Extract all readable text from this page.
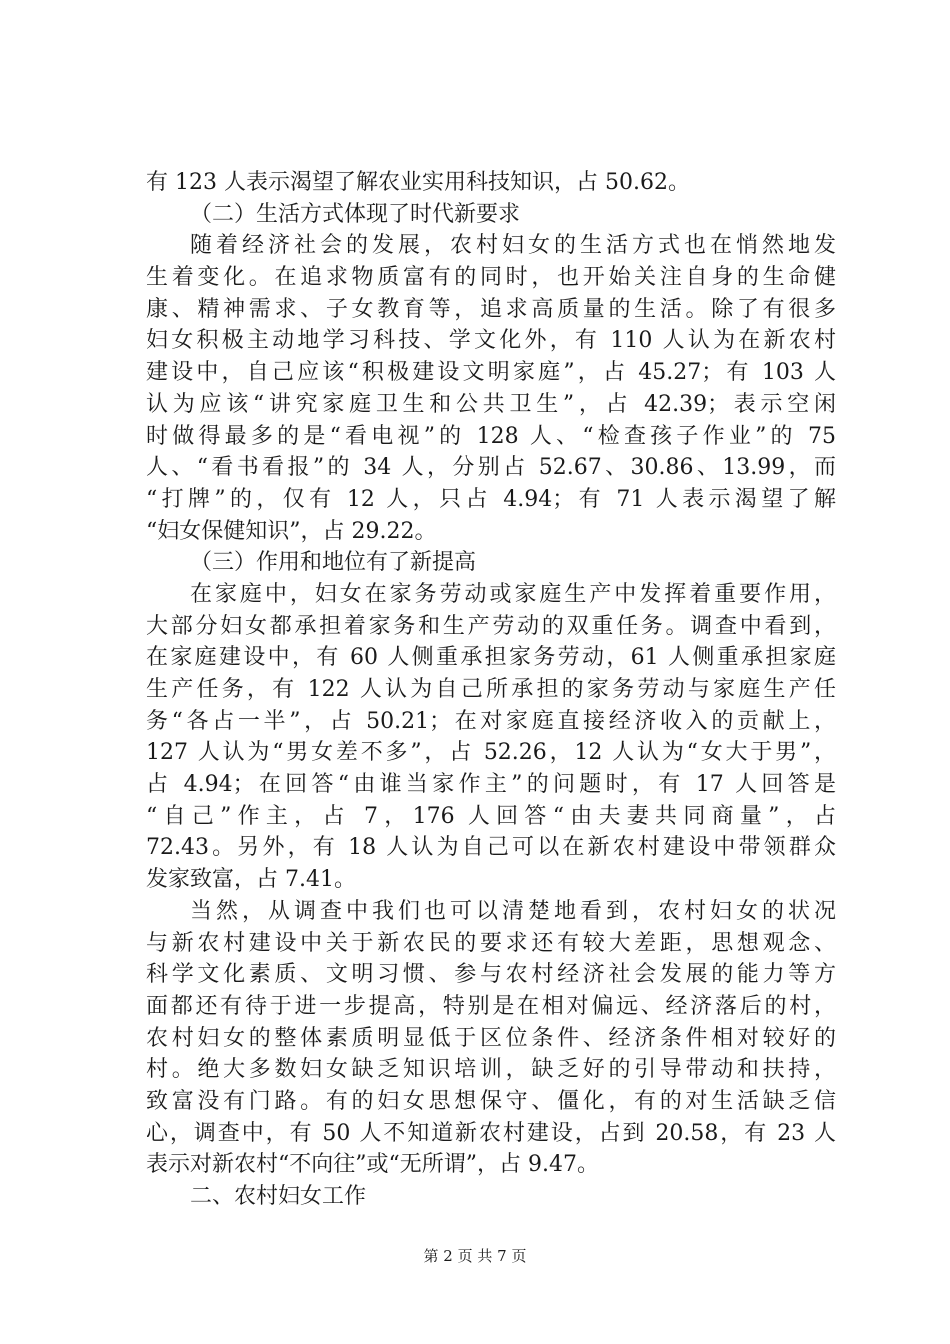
有 123 人表示渴望了解农业实用科技知识，占 50.62。
（二）生活方式体现了时代新要求
随着经济社会的发展，农村妇女的生活方式也在悄然地发
生着变化。在追求物质富有的同时，也开始关注自身的生命健
康、精神需求、子女教育等，追求高质量的生活。除了有很多
妇女积极主动地学习科技、学文化外，有 110 人认为在新农村
建设中，自己应该“积极建设文明家庭”，占 45.27；有 103 人
认为应该“讲究家庭卫生和公共卫生”，占 42.39；表示空闲
时做得最多的是“看电视”的 128 人、“检查孩子作业”的 75
人、“看书看报”的 34 人，分别占 52.67、30.86、13.99，而
“打牌”的，仅有 12 人，只占 4.94；有 71 人表示渴望了解
“妇女保健知识”，占 29.22。
（三）作用和地位有了新提高
在家庭中，妇女在家务劳动或家庭生产中发挥着重要作用，
大部分妇女都承担着家务和生产劳动的双重任务。调查中看到，
在家庭建设中，有 60 人侧重承担家务劳动，61 人侧重承担家庭
生产任务，有 122 人认为自己所承担的家务劳动与家庭生产任
务“各占一半”，占 50.21；在对家庭直接经济收入的贡献上，
127 人认为“男女差不多”，占 52.26，12 人认为“女大于男”，
占 4.94；在回答“由谁当家作主”的问题时，有 17 人回答是
“自己”作主，占 7，176 人回答“由夫妻共同商量”，占
72.43。另外，有 18 人认为自己可以在新农村建设中带领群众
发家致富，占 7.41。
当然，从调查中我们也可以清楚地看到，农村妇女的状况
与新农村建设中关于新农民的要求还有较大差距，思想观念、
科学文化素质、文明习惯、参与农村经济社会发展的能力等方
面都还有待于进一步提高，特别是在相对偏远、经济落后的村，
农村妇女的整体素质明显低于区位条件、经济条件相对较好的
村。绝大多数妇女缺乏知识培训，缺乏好的引导带动和扶持，
致富没有门路。有的妇女思想保守、僵化，有的对生活缺乏信
心，调查中，有 50 人不知道新农村建设，占到 20.58，有 23 人
表示对新农村“不向往”或“无所谓”，占 9.47。
二、农村妇女工作
第 2 页 共 7 页
